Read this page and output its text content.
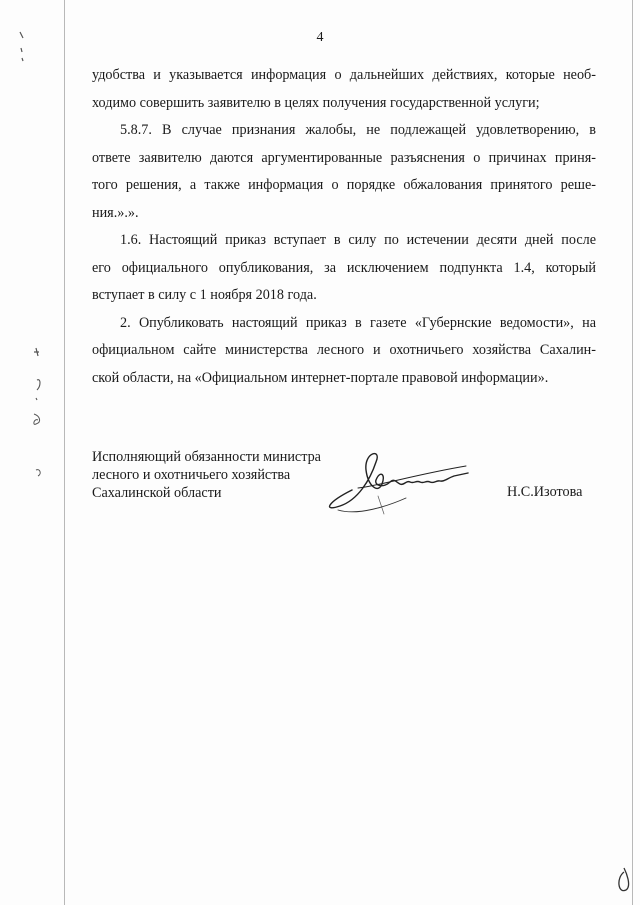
4

удобства и указывается информация о дальнейших действиях, которые необ-

ходимо совершить заявителю в целях получения государственной услуги;

5.8.7. В случае признания жалобы, не подлежащей удовлетворению, в

ответе заявителю даются аргументированные разъяснения о причинах приня-

того решения, а также информация о порядке обжалования принятого реше-

ния.».».

1.6. Настоящий приказ вступает в силу по истечении десяти дней после

его официального опубликования, за исключением подпункта 1.4, который

вступает в силу с 1 ноября 2018 года.

2. Опубликовать настоящий приказ в газете «Губернские ведомости», на

официальном сайте министерства лесного и охотничьего хозяйства Сахалин-

ской области, на «Официальном интернет-портале правовой информации».

Исполняющий обязанности министра
лесного и охотничьего хозяйства
Сахалинской области	Н.С.Изотова
